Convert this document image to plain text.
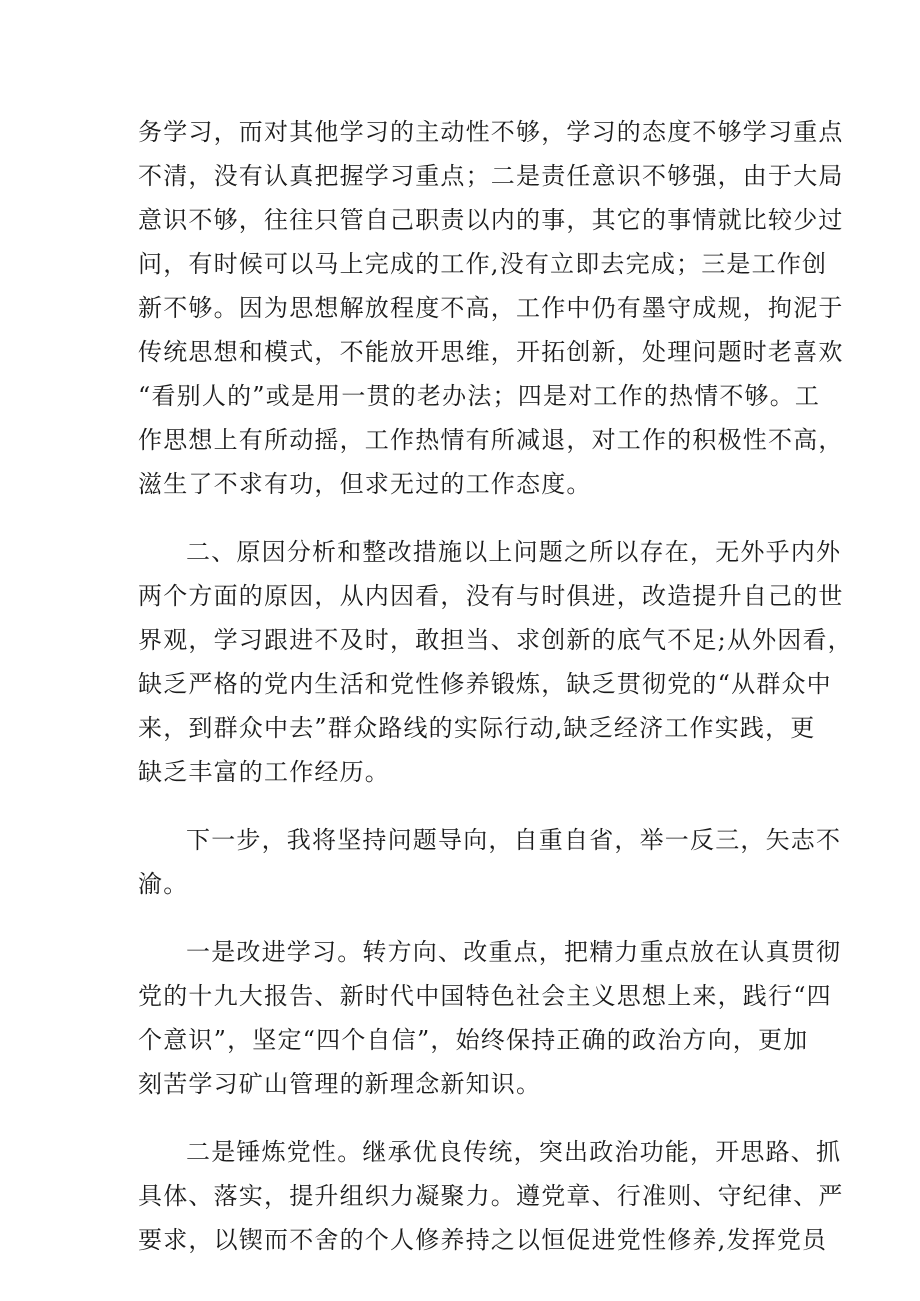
务学习，而对其他学习的主动性不够，学习的态度不够学习重点
不清，没有认真把握学习重点；二是责任意识不够强，由于大局
意识不够，往往只管自己职责以内的事，其它的事情就比较少过
问，有时候可以马上完成的工作,没有立即去完成；三是工作创
新不够。因为思想解放程度不高，工作中仍有墨守成规，拘泥于
传统思想和模式，不能放开思维，开拓创新，处理问题时老喜欢
“看别人的”或是用一贯的老办法；四是对工作的热情不够。工
作思想上有所动摇，工作热情有所减退，对工作的积极性不高，
滋生了不求有功，但求无过的工作态度。
二、原因分析和整改措施以上问题之所以存在，无外乎内外
两个方面的原因，从内因看，没有与时俱进，改造提升自己的世
界观，学习跟进不及时，敢担当、求创新的底气不足;从外因看，
缺乏严格的党内生活和党性修养锻炼，缺乏贯彻党的“从群众中
来，到群众中去”群众路线的实际行动,缺乏经济工作实践，更
缺乏丰富的工作经历。
下一步，我将坚持问题导向，自重自省，举一反三，矢志不
渝。
一是改进学习。转方向、改重点，把精力重点放在认真贯彻
党的十九大报告、新时代中国特色社会主义思想上来，践行“四
个意识”，坚定“四个自信”，始终保持正确的政治方向，更加
刻苦学习矿山管理的新理念新知识。
二是锤炼党性。继承优良传统，突出政治功能，开思路、抓
具体、落实，提升组织力凝聚力。遵党章、行准则、守纪律、严
要求，以锲而不舍的个人修养持之以恒促进党性修养,发挥党员
